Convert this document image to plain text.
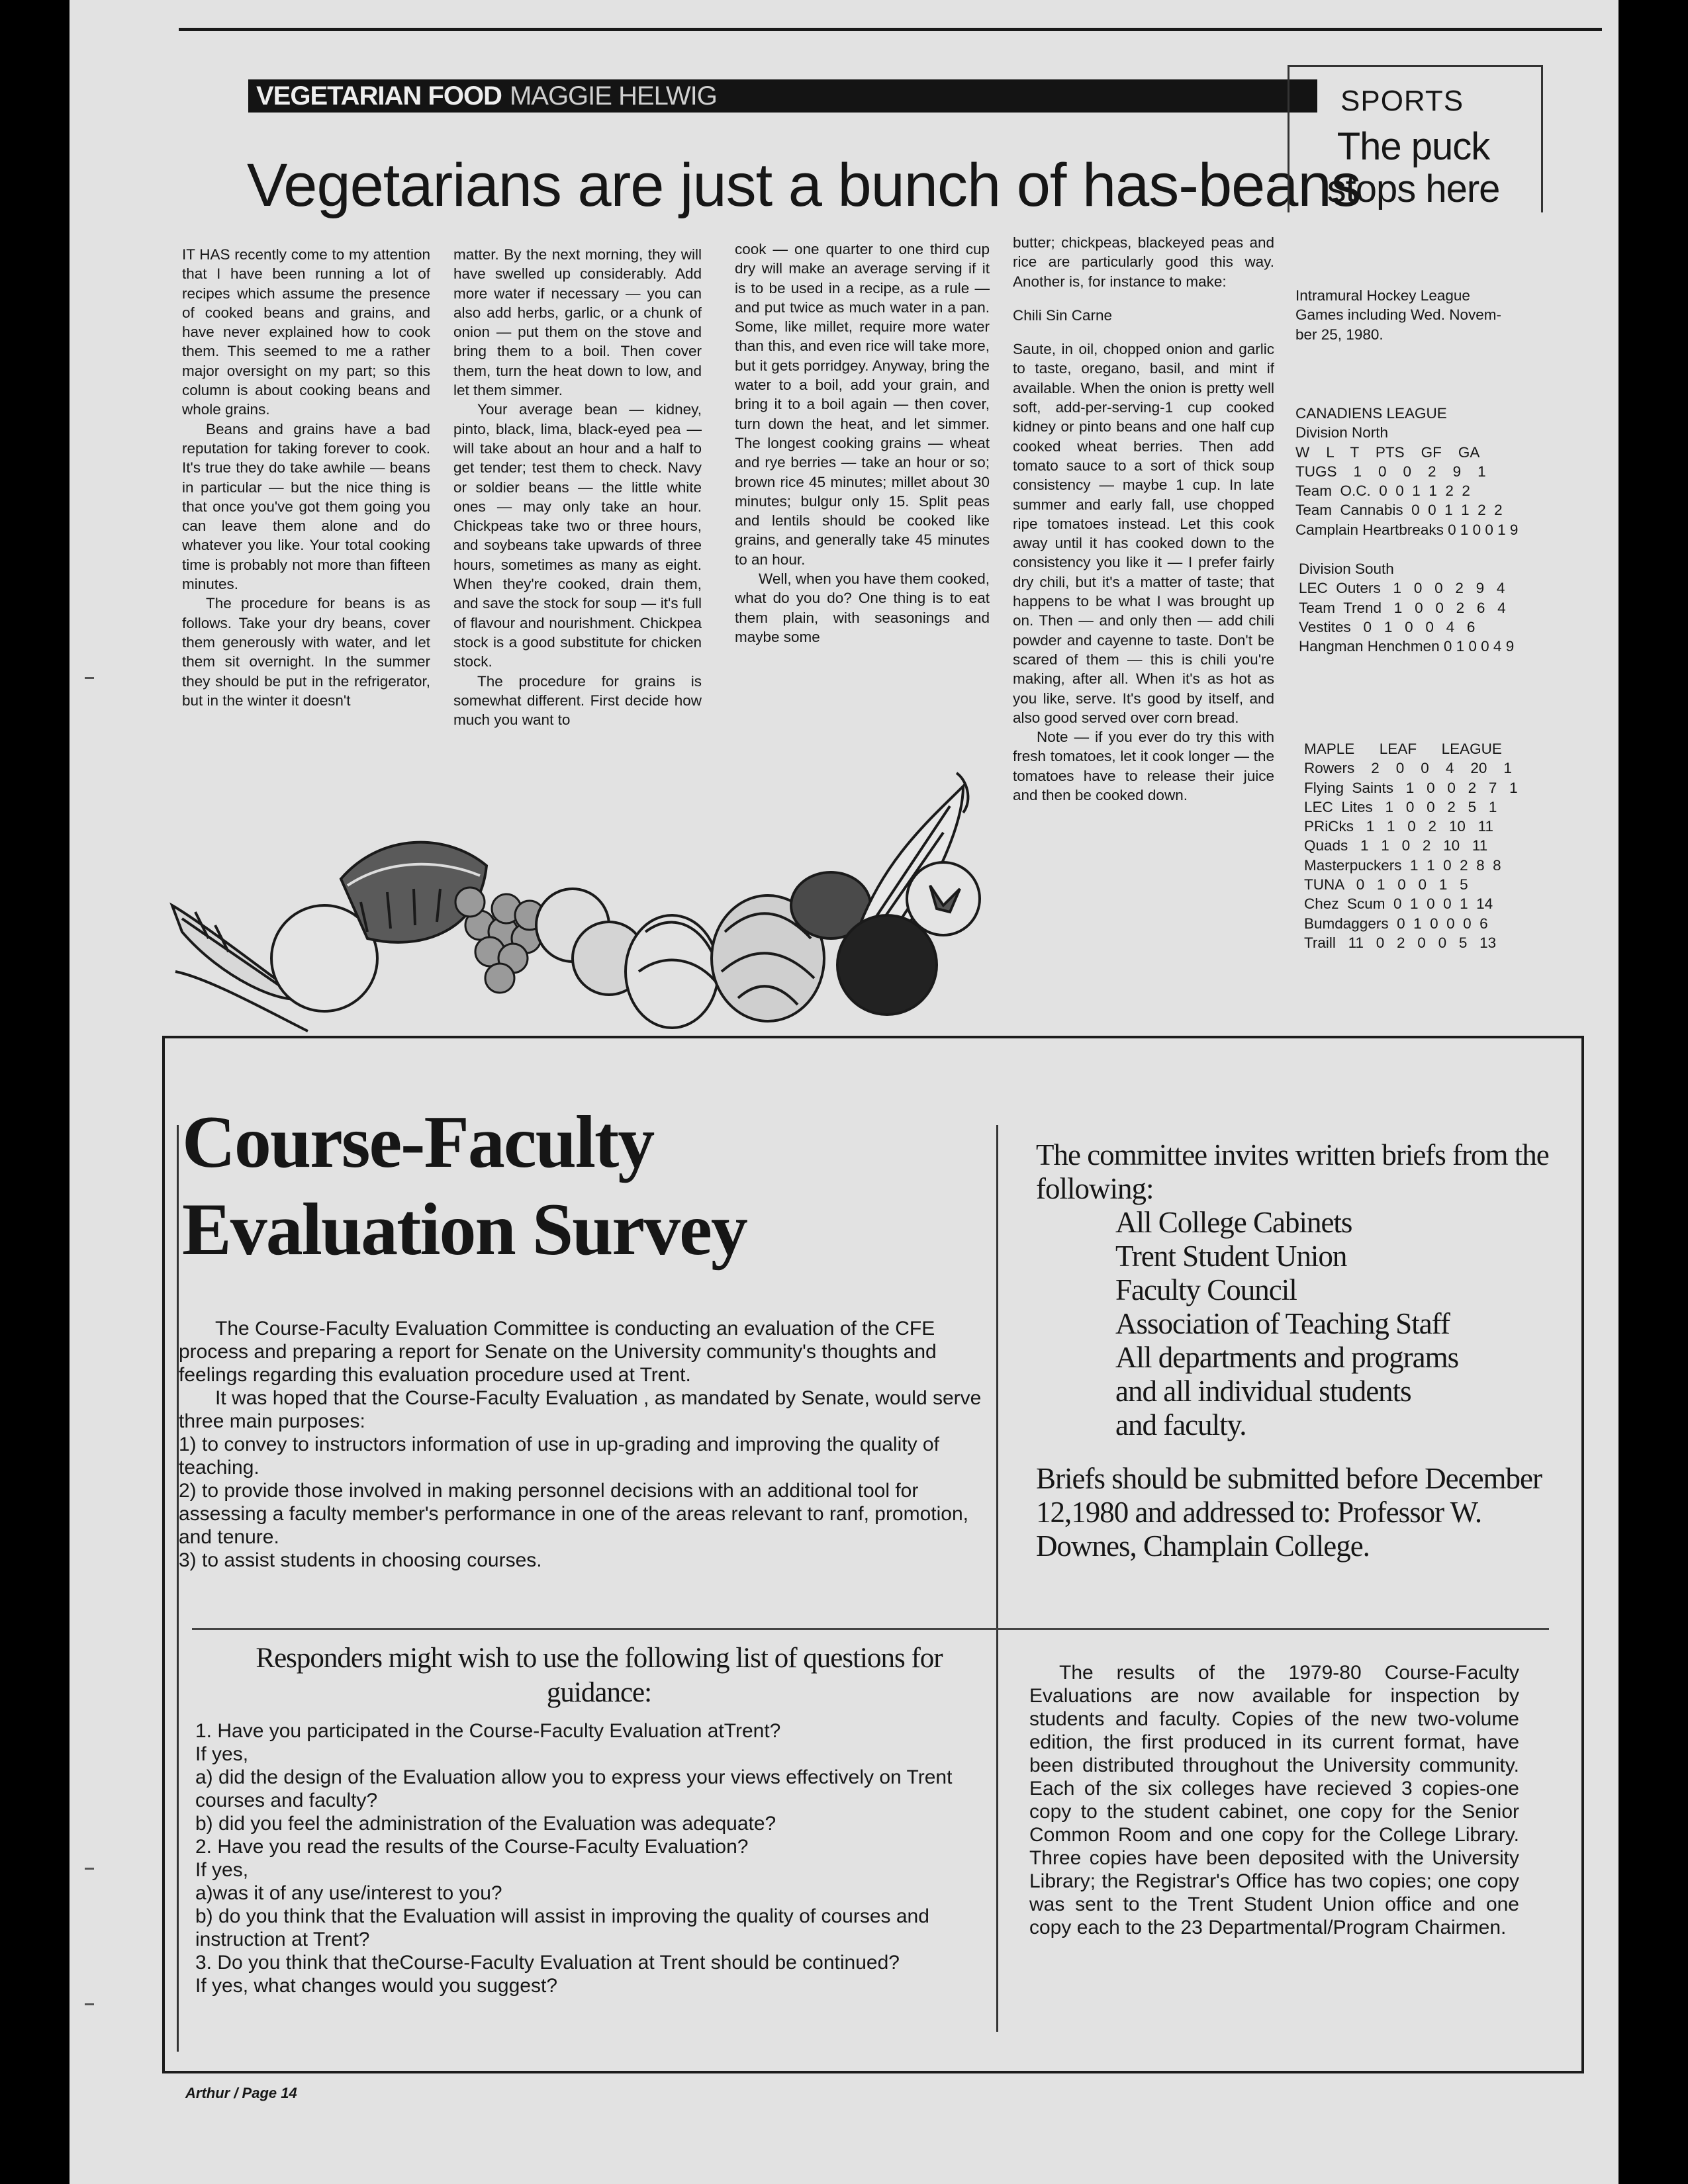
VEGETARIAN FOOD MAGGIE HELWIG
Vegetarians are just a bunch of has-beans

IT HAS recently come to my attention that I have been running a lot of recipes which assume the presence of cooked beans and grains, and have never explained how to cook them. This seemed to me a rather major oversight on my part; so this column is about cooking beans and whole grains.

Beans and grains have a bad reputation for taking forever to cook. It's true they do take awhile — beans in particular — but the nice thing is that once you've got them going you can leave them alone and do whatever you like. Your total cooking time is probably not more than fifteen minutes.

The procedure for beans is as follows. Take your dry beans, cover them generously with water, and let them sit overnight. In the summer they should be put in the refrigerator, but in the winter it doesn't

matter. By the next morning, they will have swelled up considerably. Add more water if necessary — you can also add herbs, garlic, or a chunk of onion — put them on the stove and bring them to a boil. Then cover them, turn the heat down to low, and let them simmer.

Your average bean — kidney, pinto, black, lima, black-eyed pea — will take about an hour and a half to get tender; test them to check. Navy or soldier beans — the little white ones — may only take an hour. Chickpeas take two or three hours, and soybeans take upwards of three hours, sometimes as many as eight. When they're cooked, drain them, and save the stock for soup — it's full of flavour and nourishment. Chickpea stock is a good substitute for chicken stock.

The procedure for grains is somewhat different. First decide how much you want to

cook — one quarter to one third cup dry will make an average serving if it is to be used in a recipe, as a rule — and put twice as much water in a pan. Some, like millet, require more water than this, and even rice will take more, but it gets porridgey. Anyway, bring the water to a boil, add your grain, and bring it to a boil again — then cover, turn down the heat, and let simmer. The longest cooking grains — wheat and rye berries — take an hour or so; brown rice 45 minutes; millet about 30 minutes; bulgur only 15. Split peas and lentils should be cooked like grains, and generally take 45 minutes to an hour.

Well, when you have them cooked, what do you do? One thing is to eat them plain, with seasonings and maybe some

butter; chickpeas, blackeyed peas and rice are particularly good this way. Another is, for instance to make:

Chili Sin Carne

Saute, in oil, chopped onion and garlic to taste, oregano, basil, and mint if available. When the onion is pretty well soft, add-per-serving-1 cup cooked kidney or pinto beans and one half cup cooked wheat berries. Then add tomato sauce to a sort of thick soup consistency — maybe 1 cup. In late summer and early fall, use chopped ripe tomatoes instead. Let this cook away until it has cooked down to the consistency you like it — I prefer fairly dry chili, but it's a matter of taste; that happens to be what I was brought up on. Then — and only then — add chili powder and cayenne to taste. Don't be scared of them — this is chili you're making, after all. When it's as hot as you like, serve. It's good by itself, and also good served over corn bread.

Note — if you ever do try this with fresh tomatoes, let it cook longer — the tomatoes have to release their juice and then be cooked down.

SPORTS
The puck stops here
Intramural Hockey League
Games including Wed. Novem-
ber 25, 1980.
CANADIENS LEAGUE
Division North
W    L    T    PTS    GF    GA
TUGS    1    0    0    2    9    1
Team  O.C.  0  0  1  1  2  2
Team  Cannabis  0  0  1  1  2  2
Camplain Heartbreaks 0 1 0 0 1 9
Division South
LEC  Outers   1   0   0   2   9   4
Team  Trend   1   0   0   2   6   4
Vestites   0   1   0   0   4   6
Hangman Henchmen 0 1 0 0 4 9
MAPLE      LEAF      LEAGUE
Rowers    2    0    0    4    20    1
Flying  Saints   1   0   0   2   7   1
LEC  Lites   1   0   0   2   5   1
PRiCks   1   1   0   2   10   11
Quads   1   1   0   2   10   11
Masterpuckers  1  1  0  2  8  8
TUNA   0   1   0   0   1   5
Chez  Scum  0  1  0  0  1  14
Bumdaggers  0  1  0  0  0  6
Traill   11   0   2   0   0   5   13
Course-Faculty
Evaluation Survey

The Course-Faculty Evaluation Committee is conducting an evaluation of the CFE process and preparing a report for Senate on the University community's thoughts and feelings regarding this evaluation procedure used at Trent.

It was hoped that the Course-Faculty Evaluation , as mandated by Senate, would serve three main purposes:

1) to convey to instructors information of use in up-grading and improving the quality of teaching.

2) to provide those involved in making personnel decisions with an additional tool for assessing a faculty member's performance in one of the areas relevant to ranf, promotion, and tenure.

3) to assist students in choosing courses.

The committee invites written briefs from the following:
All College Cabinets
Trent Student Union
Faculty Council
Association of Teaching Staff
All departments and programs
and all individual students
and faculty.
Briefs should be submitted before December 12,1980 and addressed to: Professor W. Downes, Champlain College.
Responders might wish to use the following list of questions for guidance:

1. Have you participated in the Course-Faculty Evaluation atTrent?

If yes,

a) did the design of the Evaluation allow you to express your views effectively on Trent courses and faculty?

b) did you feel the administration of the Evaluation was adequate?

2. Have you read the results of the Course-Faculty Evaluation?

If yes,

a)was it of any use/interest to you?

b) do you think that the Evaluation will assist in improving the quality of courses and instruction at Trent?

3. Do you think that theCourse-Faculty Evaluation at Trent should be continued?

If yes, what changes would you suggest?

The results of the 1979-80 Course-Faculty Evaluations are now available for inspection by students and faculty. Copies of the new two-volume edition, the first produced in its current format, have been distributed throughout the University community. Each of the six colleges have recieved 3 copies-one copy to the student cabinet, one copy for the Senior Common Room and one copy for the College Library. Three copies have been deposited with the University Library; the Registrar's Office has two copies; one copy was sent to the Trent Student Union office and one copy each to the 23 Departmental/Program Chairmen.

Arthur / Page 14
